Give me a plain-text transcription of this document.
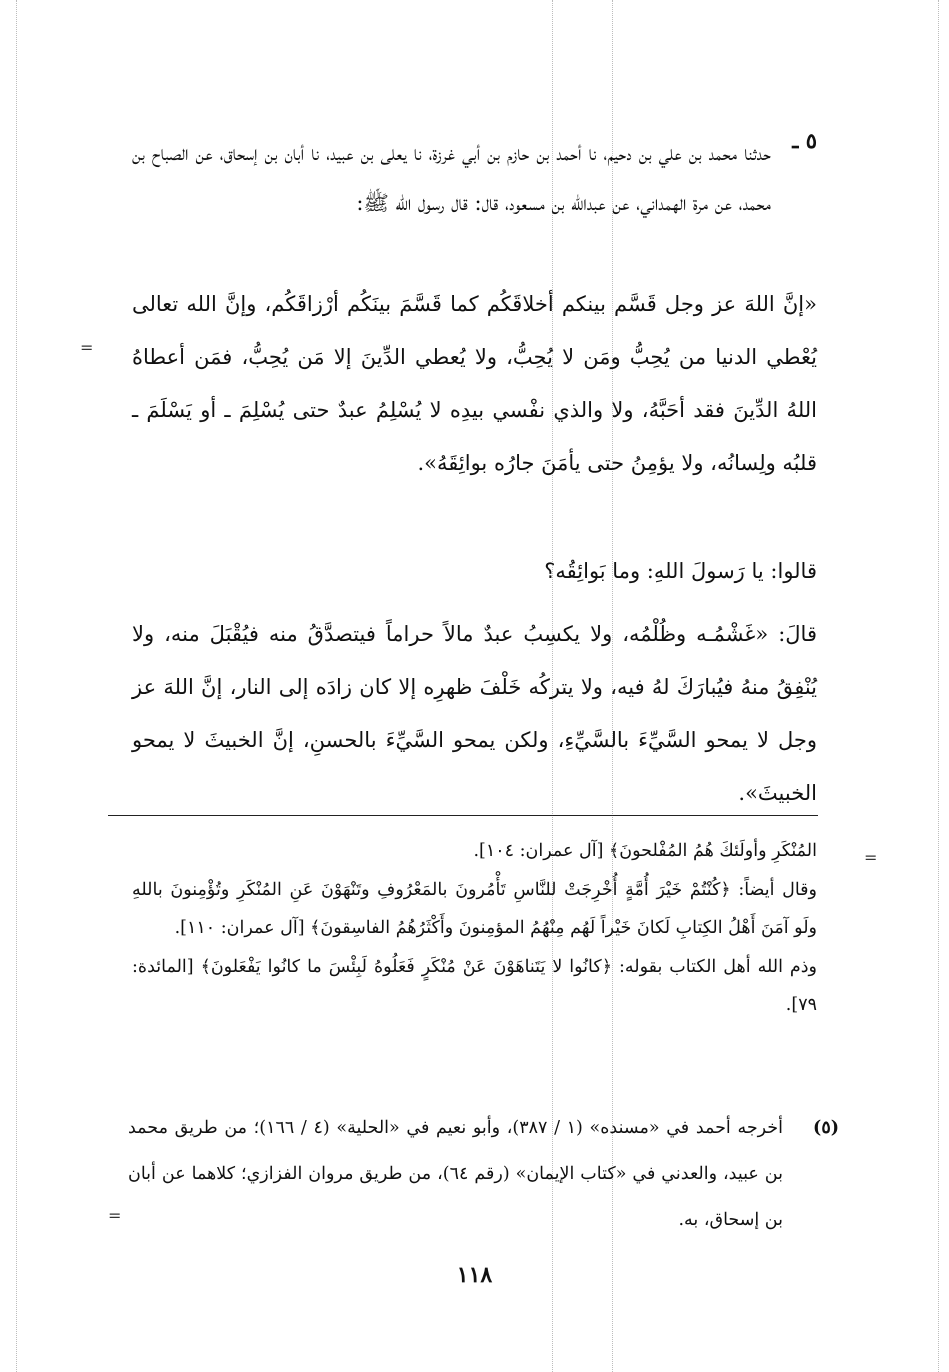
=
=
=
٥ ـ

حدثنا محمد بن علي بن دحيم، نا أحمد بن حازم بن أبي غرزة، نا يعلى بن عبيد، نا أبان بن إسحاق، عن الصباح بن محمد، عن مرة الهمداني، عن عبدالله بن مسعود، قال: قال رسول الله ﷺ:

«إنَّ اللهَ عز وجل قَسَّم بينكم أخلاقَكُم كما قَسَّمَ بينَكُم أرْزاقَكُم، وإنَّ الله تعالى يُعْطي الدنيا من يُحِبُّ ومَن لا يُحِبُّ، ولا يُعطي الدِّينَ إلا مَن يُحِبُّ، فمَن أعطاهُ اللهُ الدِّينَ فقد أحَبَّهُ، ولا والذي نفْسي بيدِه لا يُسْلِمُ عبدٌ حتى يُسْلِمَ ـ أو يَسْلَمَ ـ قلبُه ولِسانُه، ولا يؤمِنُ حتى يأمَنَ جارُه بوائِقَهُ».

قالوا: يا رَسولَ اللهِ: وما بَوائِقُه؟

قالَ: «غَشْمُـه وظُلْمُه، ولا يكسِبُ عبدٌ مالاً حراماً فيتصدَّقُ منه فيُقْبَلَ منه، ولا يُنْفِقُ منهُ فيُبارَكَ لهُ فيه، ولا يتركُه خَلْفَ ظهرِه إلا كان زادَه إلى النار، إنَّ اللهَ عز وجل لا يمحو السَّيِّءَ بالسَّيِّءِ، ولكن يمحو السَّيِّءَ بالحسنِ، إنَّ الخبيثَ لا يمحو الخبيثَ».

المُنْكَرِ وأولَئكَ هُمُ المُفْلحونَ﴾ [آل عمران: ١٠٤].

وقال أيضاً: ﴿كُنْتُمْ خَيْرَ أُمَّةٍ أُخْرِجَتْ للنَّاسِ تَأْمُرونَ بالمَعْرُوفِ وتَنْهَوْنَ عَنِ المُنْكَرِ وتُؤْمِنونَ باللهِ ولَو آمَنَ أَهْلُ الكِتابِ لَكانَ خَيْراً لَهُم مِنْهُمُ المؤمِنونَ وأَكْثَرُهُمُ الفاسِقونَ﴾ [آل عمران: ١١٠].

وذم الله أهل الكتاب بقوله: ﴿كانُوا لا يَتَناهَوْنَ عَنْ مُنْكَرٍ فَعَلُوهُ لَبِئْسَ ما كانُوا يَفْعَلونَ﴾ [المائدة: ٧٩].

(٥)

أخرجه أحمد في «مسنده» (١ / ٣٨٧)، وأبو نعيم في «الحلية» (٤ / ١٦٦)؛ من طريق محمد بن عبيد، والعدني في «كتاب الإيمان» (رقم ٦٤)، من طريق مروان الفزازي؛ كلاهما عن أبان بن إسحاق، به.

١١٨
